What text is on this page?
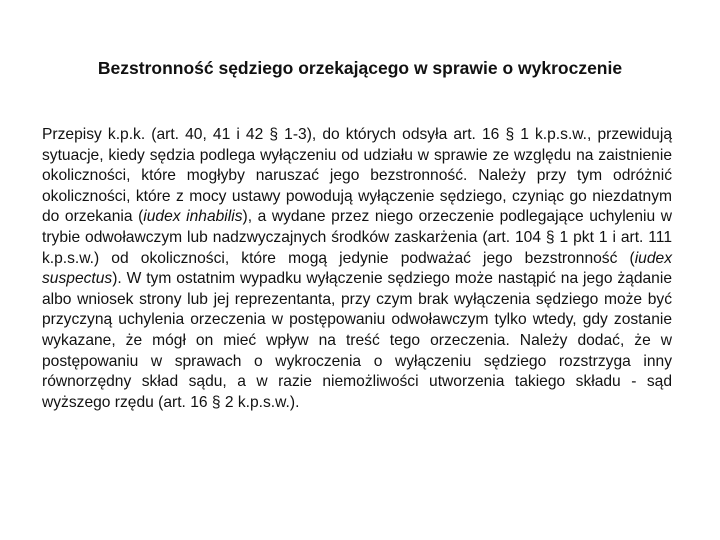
Bezstronność sędziego orzekającego w sprawie o wykroczenie

Przepisy k.p.k. (art. 40, 41 i 42 § 1-3), do których odsyła art. 16 § 1 k.p.s.w., przewidują sytuacje, kiedy sędzia podlega wyłączeniu od udziału w sprawie ze względu na zaistnienie okoliczności, które mogłyby naruszać jego bezstronność. Należy przy tym odróżnić okoliczności, które z mocy ustawy powodują wyłączenie sędziego, czyniąc go niezdatnym do orzekania (iudex inhabilis), a wydane przez niego orzeczenie podlegające uchyleniu w trybie odwoławczym lub nadzwyczajnych środków zaskarżenia (art. 104 § 1 pkt 1 i art. 111 k.p.s.w.) od okoliczności, które mogą jedynie podważać jego bezstronność (iudex suspectus). W tym ostatnim wypadku wyłączenie sędziego może nastąpić na jego żądanie albo wniosek strony lub jej reprezentanta, przy czym brak wyłączenia sędziego może być przyczyną uchylenia orzeczenia w postępowaniu odwoławczym tylko wtedy, gdy zostanie wykazane, że mógł on mieć wpływ na treść tego orzeczenia. Należy dodać, że w postępowaniu w sprawach o wykroczenia o wyłączeniu sędziego rozstrzyga inny równorzędny skład sądu, a w razie niemożliwości utworzenia takiego składu - sąd wyższego rzędu (art. 16 § 2 k.p.s.w.).
